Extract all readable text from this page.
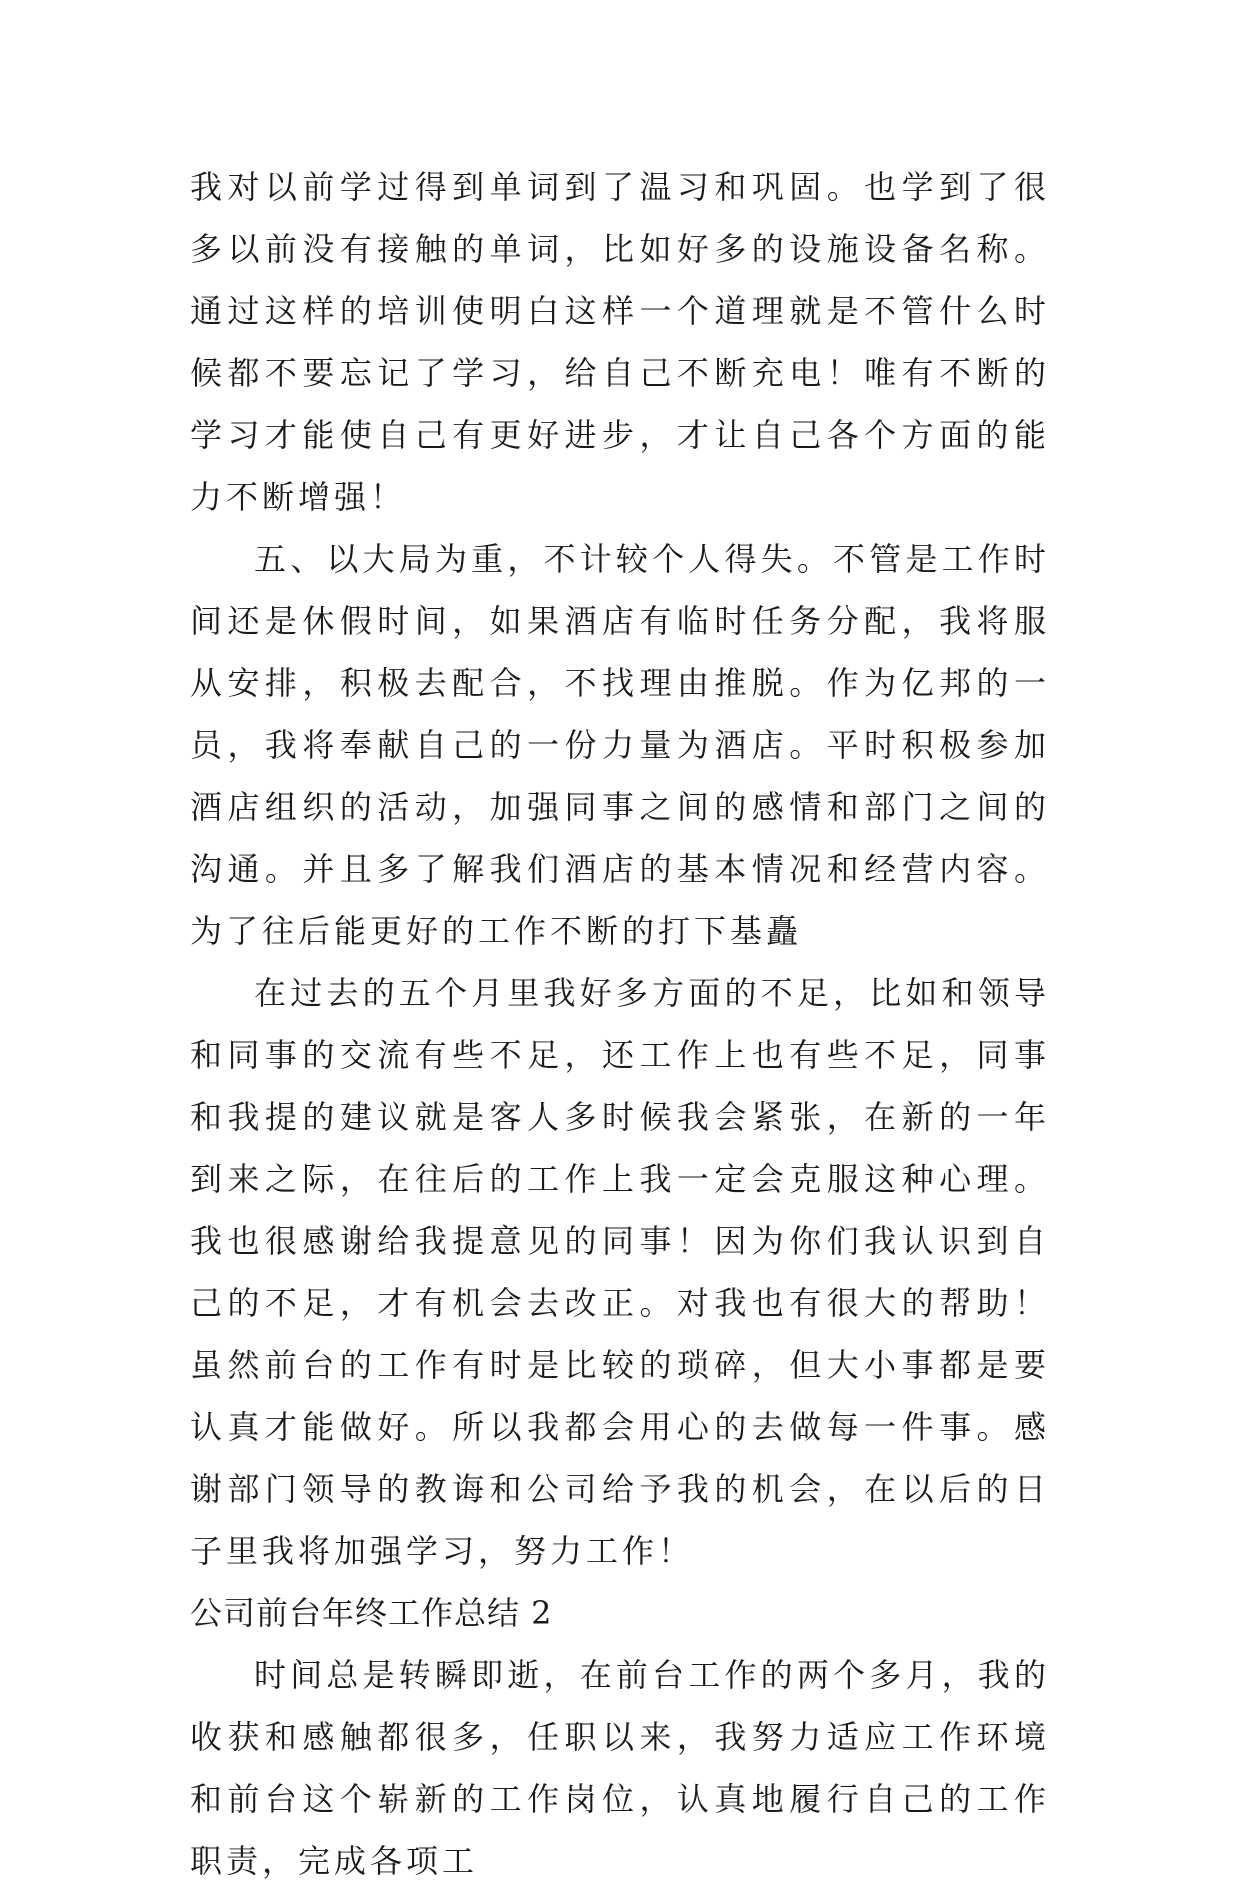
我对以前学过得到单词到了温习和巩固。也学到了很多以前没有接触的单词，比如好多的设施设备名称。通过这样的培训使明白这样一个道理就是不管什么时候都不要忘记了学习，给自己不断充电！唯有不断的学习才能使自己有更好进步，才让自己各个方面的能力不断增强！

五、以大局为重，不计较个人得失。不管是工作时间还是休假时间，如果酒店有临时任务分配，我将服从安排，积极去配合，不找理由推脱。作为亿邦的一员，我将奉献自己的一份力量为酒店。平时积极参加酒店组织的活动，加强同事之间的感情和部门之间的沟通。并且多了解我们酒店的基本情况和经营内容。为了往后能更好的工作不断的打下基矗

在过去的五个月里我好多方面的不足，比如和领导和同事的交流有些不足，还工作上也有些不足，同事和我提的建议就是客人多时候我会紧张，在新的一年到来之际，在往后的工作上我一定会克服这种心理。我也很感谢给我提意见的同事！因为你们我认识到自己的不足，才有机会去改正。对我也有很大的帮助！虽然前台的工作有时是比较的琐碎，但大小事都是要认真才能做好。所以我都会用心的去做每一件事。感谢部门领导的教诲和公司给予我的机会，在以后的日子里我将加强学习，努力工作！

公司前台年终工作总结 2

时间总是转瞬即逝，在前台工作的两个多月，我的收获和感触都很多，任职以来，我努力适应工作环境和前台这个崭新的工作岗位，认真地履行自己的工作职责，完成各项工
